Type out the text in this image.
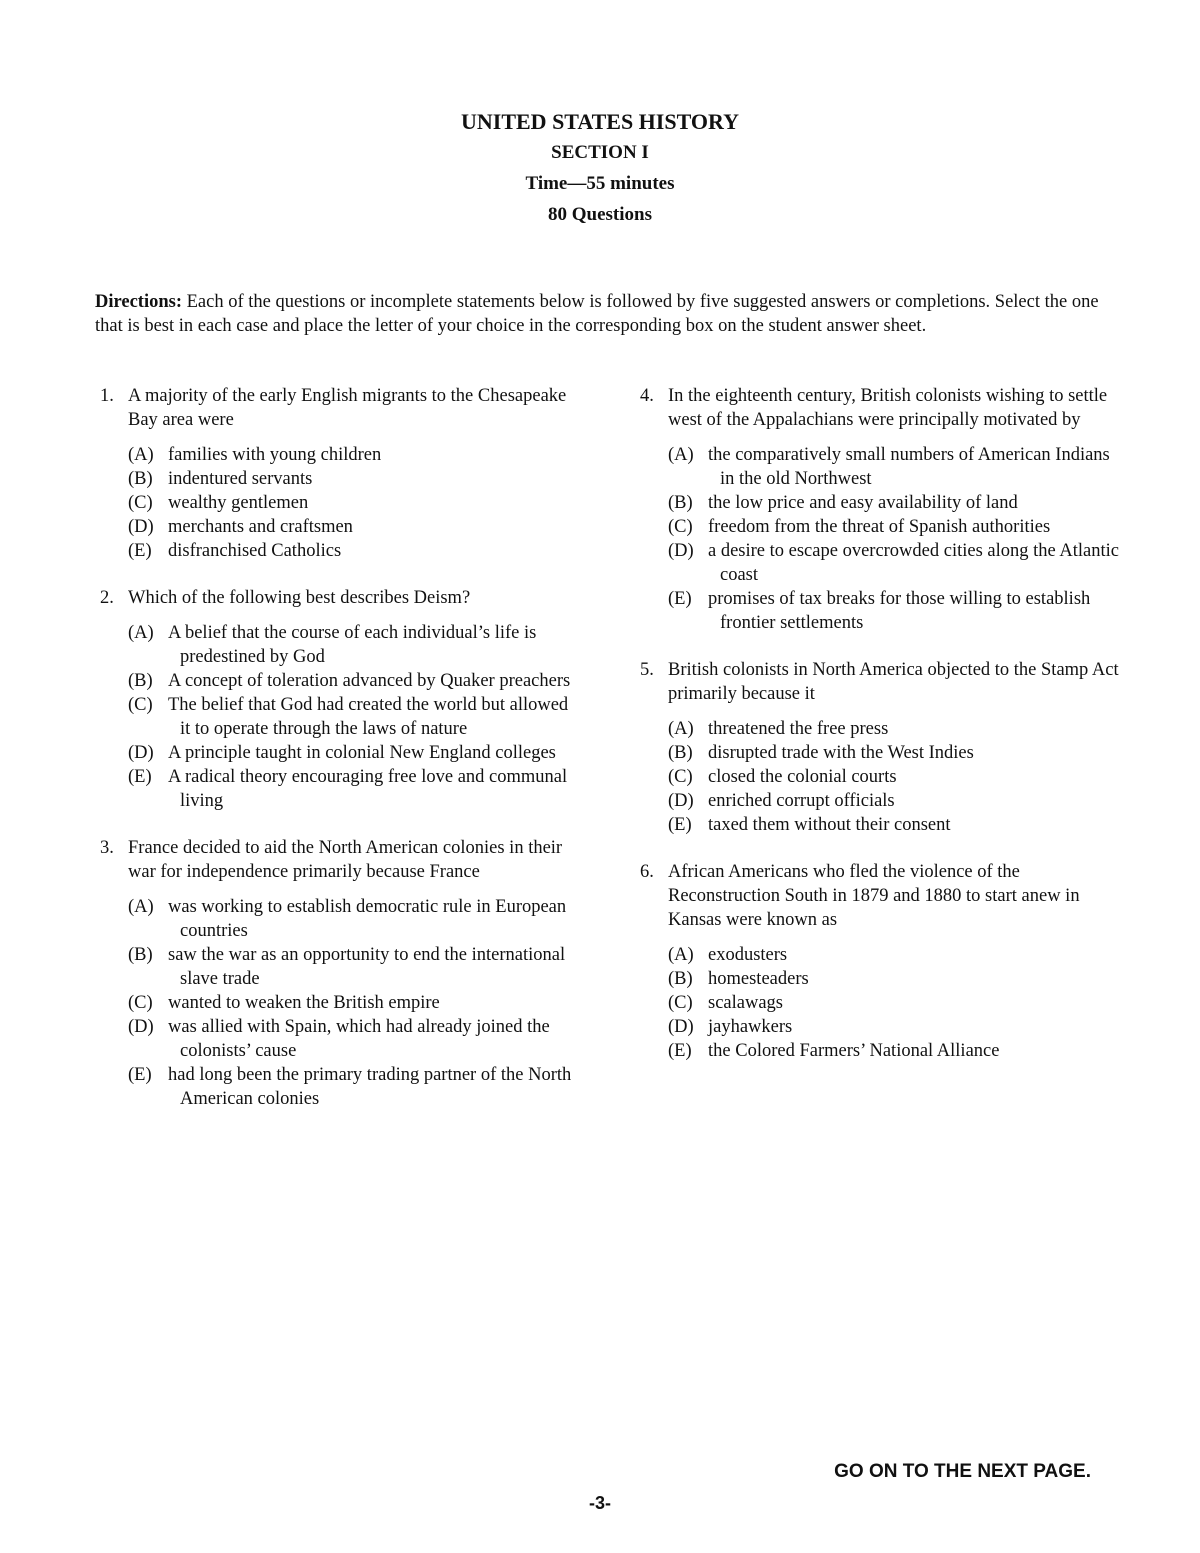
UNITED STATES HISTORY
SECTION I
Time—55 minutes
80 Questions
Directions: Each of the questions or incomplete statements below is followed by five suggested answers or completions. Select the one that is best in each case and place the letter of your choice in the corresponding box on the student answer sheet.
1. A majority of the early English migrants to the Chesapeake Bay area were
(A) families with young children
(B) indentured servants
(C) wealthy gentlemen
(D) merchants and craftsmen
(E) disfranchised Catholics
2. Which of the following best describes Deism?
(A) A belief that the course of each individual’s life is predestined by God
(B) A concept of toleration advanced by Quaker preachers
(C) The belief that God had created the world but allowed it to operate through the laws of nature
(D) A principle taught in colonial New England colleges
(E) A radical theory encouraging free love and communal living
3. France decided to aid the North American colonies in their war for independence primarily because France
(A) was working to establish democratic rule in European countries
(B) saw the war as an opportunity to end the international slave trade
(C) wanted to weaken the British empire
(D) was allied with Spain, which had already joined the colonists’ cause
(E) had long been the primary trading partner of the North American colonies
4. In the eighteenth century, British colonists wishing to settle west of the Appalachians were principally motivated by
(A) the comparatively small numbers of American Indians in the old Northwest
(B) the low price and easy availability of land
(C) freedom from the threat of Spanish authorities
(D) a desire to escape overcrowded cities along the Atlantic coast
(E) promises of tax breaks for those willing to establish frontier settlements
5. British colonists in North America objected to the Stamp Act primarily because it
(A) threatened the free press
(B) disrupted trade with the West Indies
(C) closed the colonial courts
(D) enriched corrupt officials
(E) taxed them without their consent
6. African Americans who fled the violence of the Reconstruction South in 1879 and 1880 to start anew in Kansas were known as
(A) exodusters
(B) homesteaders
(C) scalawags
(D) jayhawkers
(E) the Colored Farmers’ National Alliance
GO ON TO THE NEXT PAGE.
-3-
